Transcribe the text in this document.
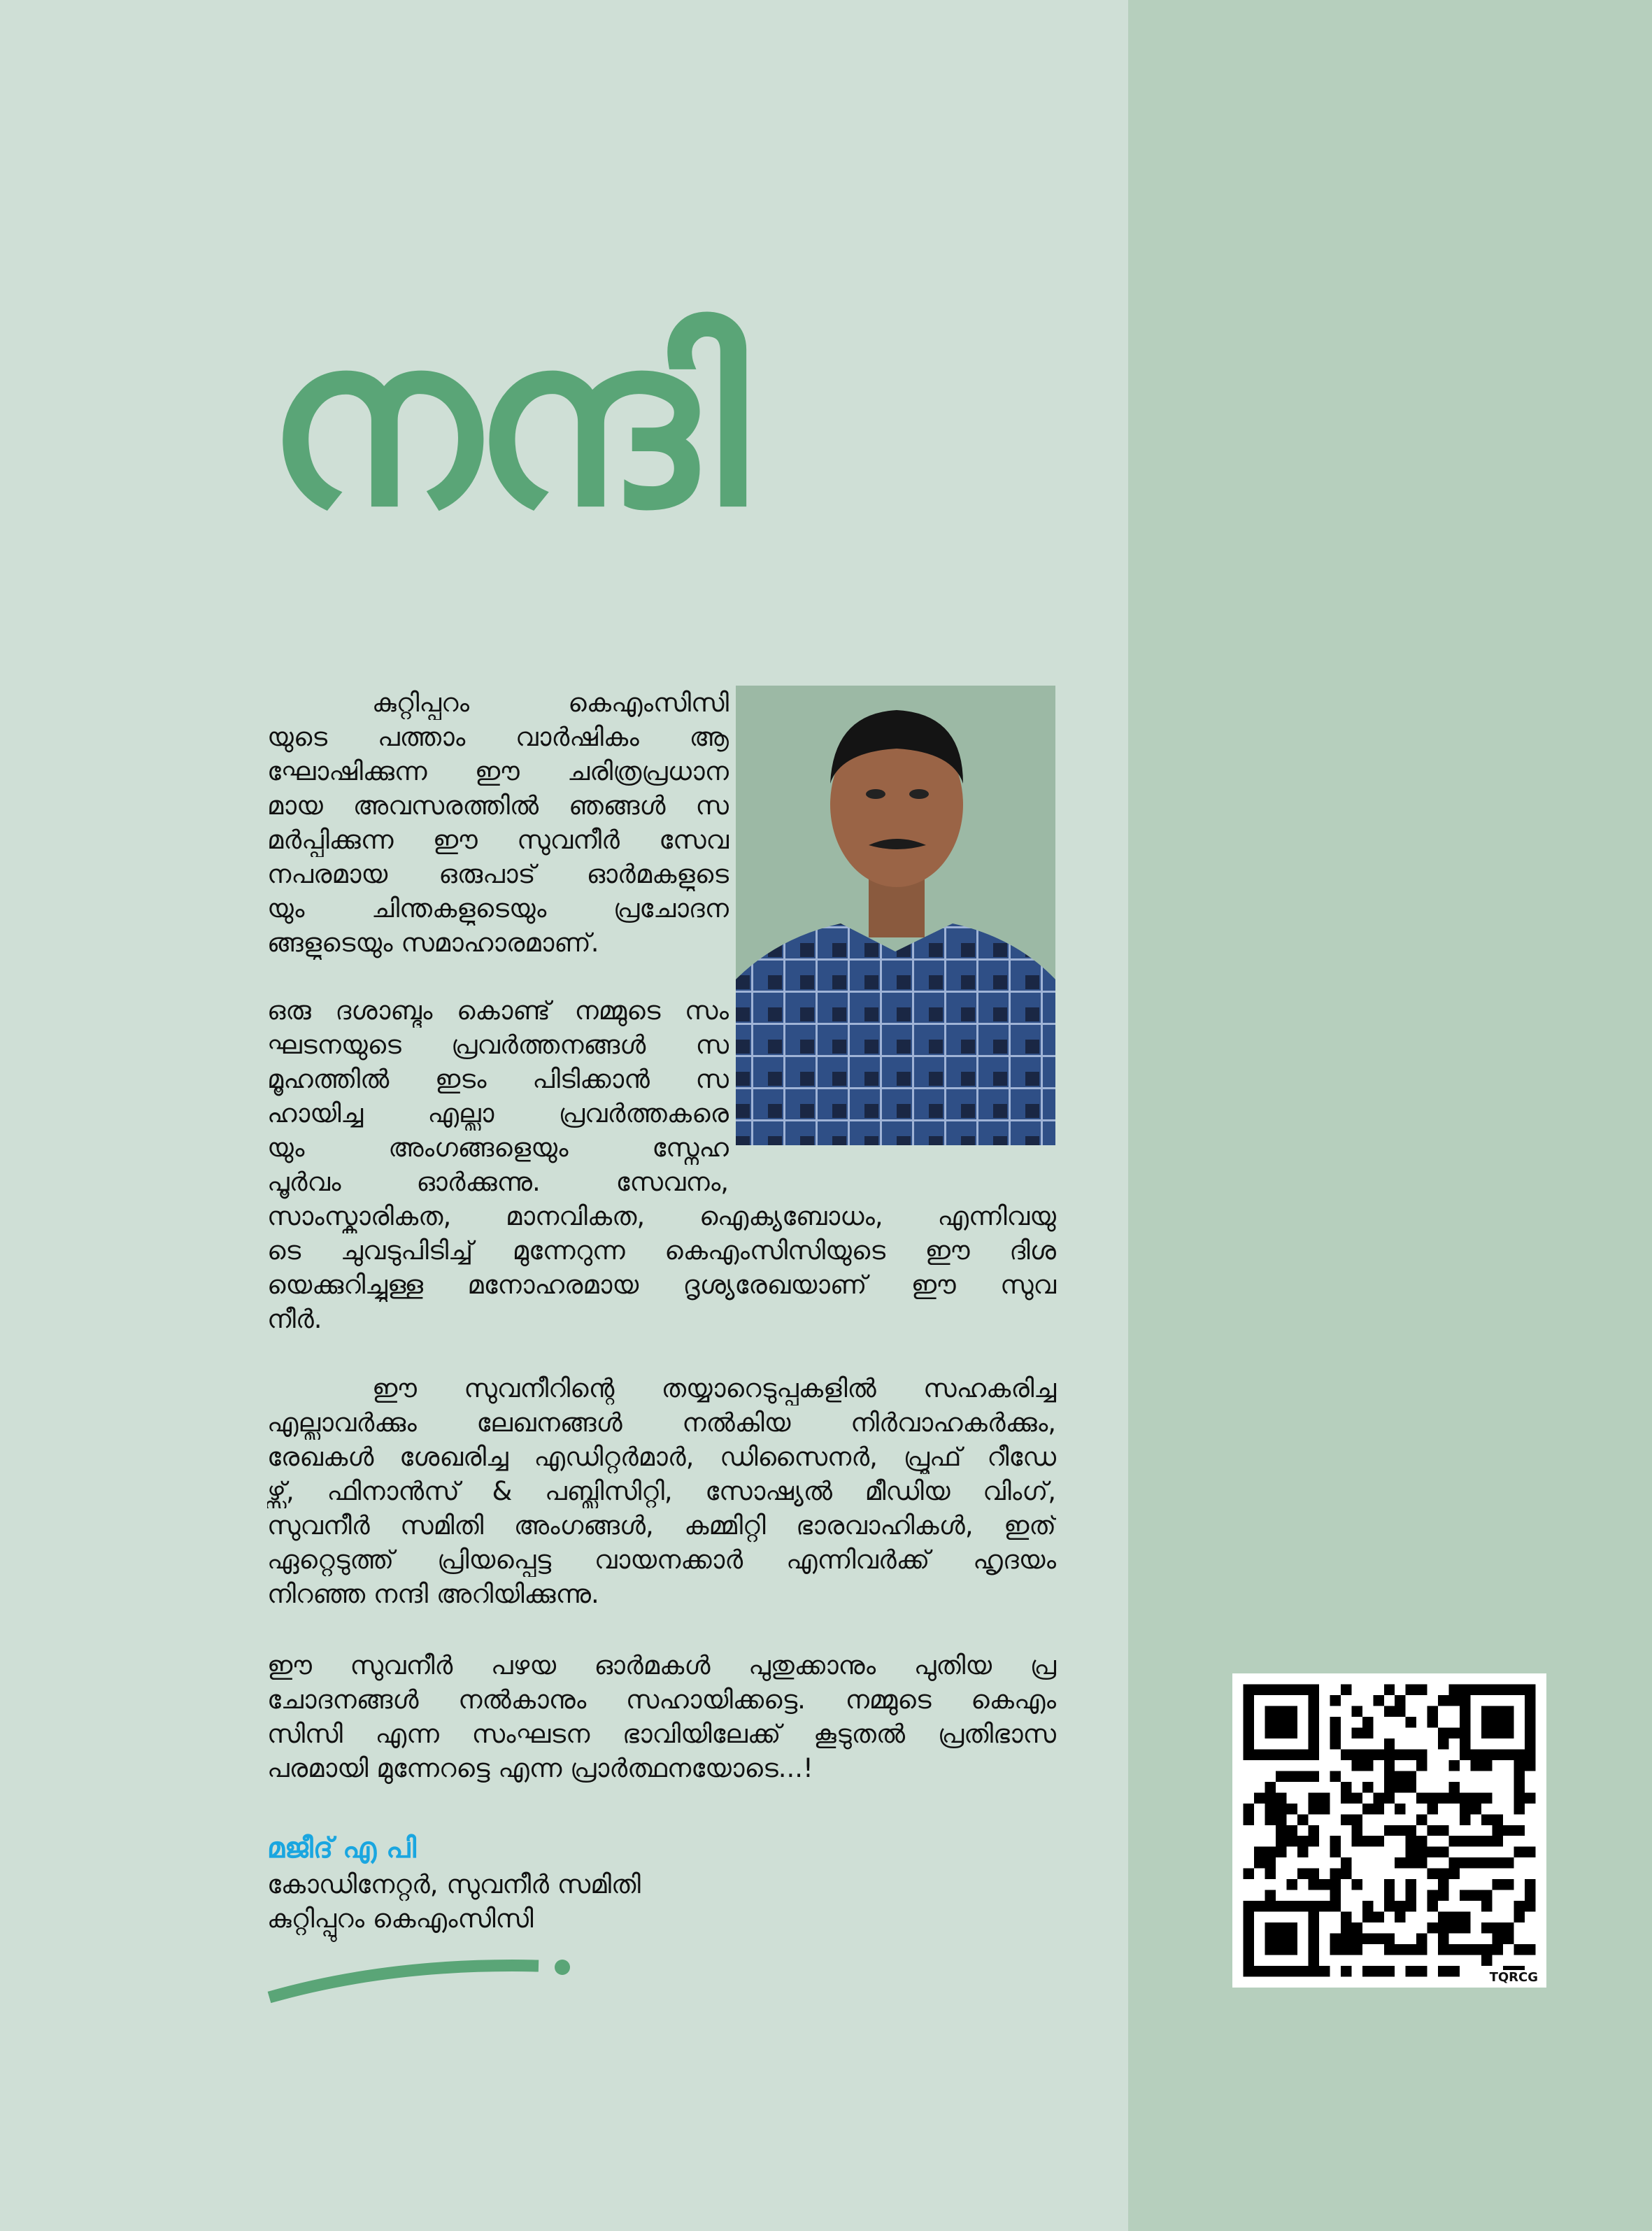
നന്ദി
കുറ്റിപ്പുറം കെഎംസിസി
യുടെ പത്താം വാർഷികം ആ
ഘോഷിക്കുന്ന ഈ ചരിത്രപ്രധാന
മായ അവസരത്തിൽ ഞങ്ങൾ സ
മർപ്പിക്കുന്ന ഈ സുവനീർ സേവ
നപരമായ ഒരുപാട് ഓർമകളുടെ
യും ചിന്തകളുടെയും പ്രചോദന
ങ്ങളുടെയും സമാഹാരമാണ്.
ഒരു ദശാബ്ദം കൊണ്ട് നമ്മുടെ സം
ഘടനയുടെ പ്രവർത്തനങ്ങൾ സ
മൂഹത്തിൽ ഇടം പിടിക്കാൻ സ
ഹായിച്ച എല്ലാ പ്രവർത്തകരെ
യും അംഗങ്ങളെയും സ്നേഹ
പൂർവം ഓർക്കുന്നു. സേവനം,
സാംസ്കാരികത, മാനവികത, ഐക്യബോധം, എന്നിവയു
ടെ ചുവടുപിടിച്ച് മുന്നേറുന്ന കെഎംസിസിയുടെ ഈ ദിശ
യെക്കുറിച്ചുള്ള മനോഹരമായ ദൃശ്യരേഖയാണ് ഈ സുവ
നീർ.
ഈ സുവനീറിന്റെ തയ്യാറെടുപ്പുകളിൽ സഹകരിച്ച
എല്ലാവർക്കും ലേഖനങ്ങൾ നൽകിയ നിർവാഹകർക്കും,
രേഖകൾ ശേഖരിച്ച എഡിറ്റർമാർ, ഡിസൈനർ, പ്രൂഫ് റീഡേ
ഴ്സ്, ഫിനാൻസ് & പബ്ലിസിറ്റി, സോഷ്യൽ മീഡിയ വിംഗ്,
സുവനീർ സമിതി അംഗങ്ങൾ, കമ്മിറ്റി ഭാരവാഹികൾ, ഇത്
ഏറ്റെടുത്ത് പ്രിയപ്പെട്ട വായനക്കാർ എന്നിവർക്ക് ഹൃദയം
നിറഞ്ഞ നന്ദി അറിയിക്കുന്നു.
ഈ സുവനീർ പഴയ ഓർമകൾ പുതുക്കാനും പുതിയ പ്ര
ചോദനങ്ങൾ നൽകാനും സഹായിക്കട്ടെ. നമ്മുടെ കെഎം
സിസി എന്ന സംഘടന ഭാവിയിലേക്ക് കൂടുതൽ പ്രതിഭാസ
പരമായി മുന്നേറട്ടെ എന്ന പ്രാർത്ഥനയോടെ...!
മജീദ് എ പി
കോഡിനേറ്റർ, സുവനീർ സമിതി
കുറ്റിപ്പുറം കെഎംസിസി
TQRCG
